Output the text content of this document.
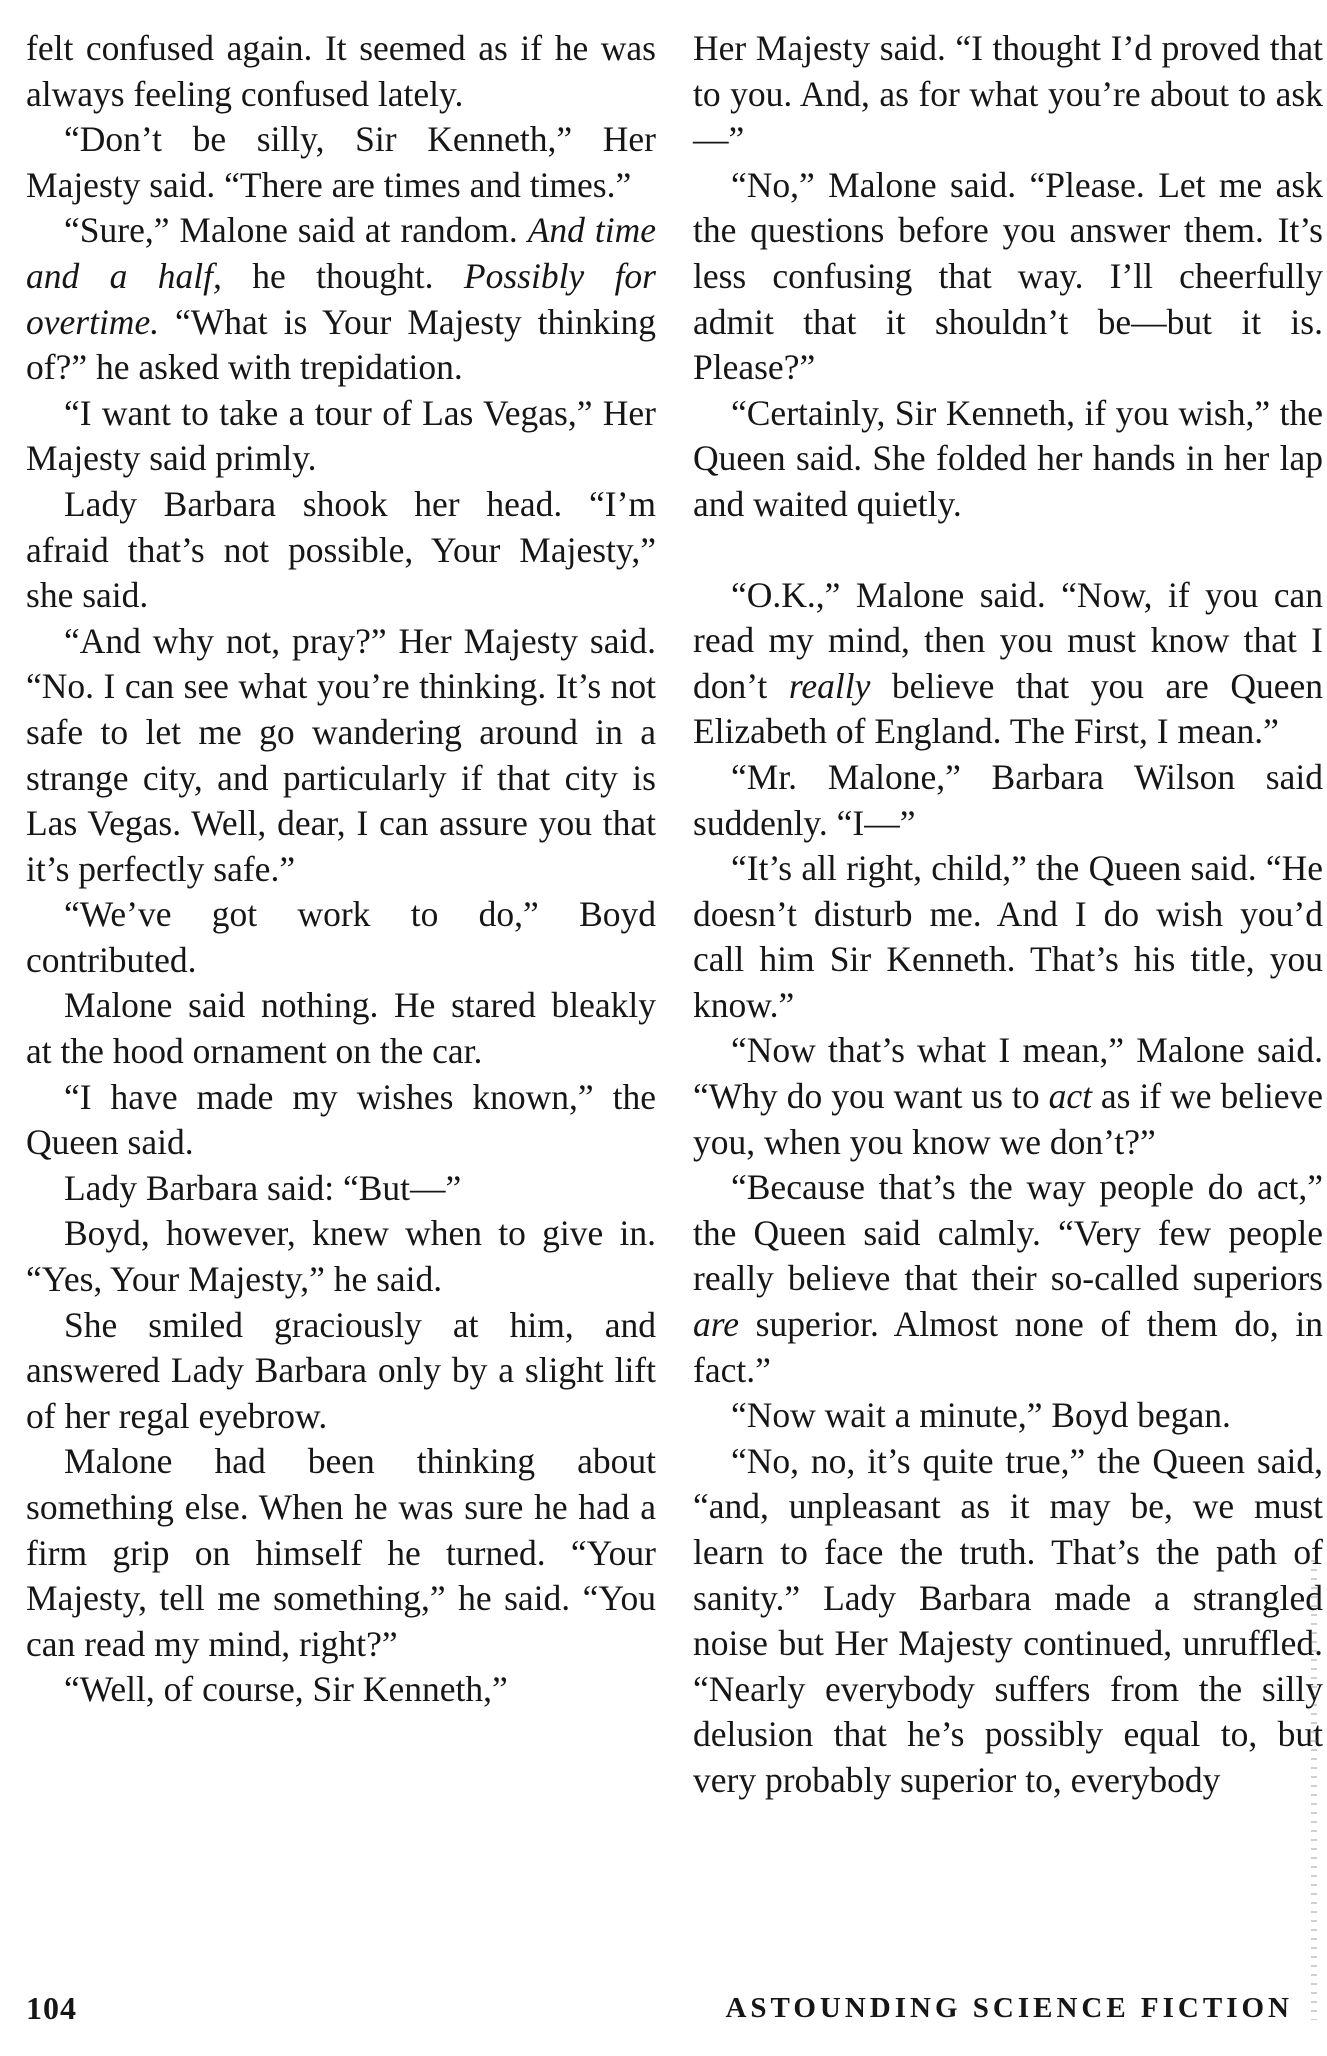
felt confused again. It seemed as if he was always feeling confused lately.

“Don’t be silly, Sir Kenneth,” Her Majesty said. “There are times and times.”

“Sure,” Malone said at random. And time and a half, he thought. Possibly for overtime. “What is Your Majesty thinking of?” he asked with trepidation.

“I want to take a tour of Las Vegas,” Her Majesty said primly.

Lady Barbara shook her head. “I’m afraid that’s not possible, Your Majesty,” she said.

“And why not, pray?” Her Majesty said. “No. I can see what you’re thinking. It’s not safe to let me go wandering around in a strange city, and particularly if that city is Las Vegas. Well, dear, I can assure you that it’s perfectly safe.”

“We’ve got work to do,” Boyd contributed.

Malone said nothing. He stared bleakly at the hood ornament on the car.

“I have made my wishes known,” the Queen said.

Lady Barbara said: “But—”

Boyd, however, knew when to give in. “Yes, Your Majesty,” he said.

She smiled graciously at him, and answered Lady Barbara only by a slight lift of her regal eyebrow.

Malone had been thinking about something else. When he was sure he had a firm grip on himself he turned. “Your Majesty, tell me something,” he said. “You can read my mind, right?”

“Well, of course, Sir Kenneth,”

Her Majesty said. “I thought I’d proved that to you. And, as for what you’re about to ask—”

“No,” Malone said. “Please. Let me ask the questions before you answer them. It’s less confusing that way. I’ll cheerfully admit that it shouldn’t be—but it is. Please?”

“Certainly, Sir Kenneth, if you wish,” the Queen said. She folded her hands in her lap and waited quietly.

“O.K.,” Malone said. “Now, if you can read my mind, then you must know that I don’t really believe that you are Queen Elizabeth of England. The First, I mean.”

“Mr. Malone,” Barbara Wilson said suddenly. “I—”

“It’s all right, child,” the Queen said. “He doesn’t disturb me. And I do wish you’d call him Sir Kenneth. That’s his title, you know.”

“Now that’s what I mean,” Malone said. “Why do you want us to act as if we believe you, when you know we don’t?”

“Because that’s the way people do act,” the Queen said calmly. “Very few people really believe that their so-called superiors are superior. Almost none of them do, in fact.”

“Now wait a minute,” Boyd began.

“No, no, it’s quite true,” the Queen said, “and, unpleasant as it may be, we must learn to face the truth. That’s the path of sanity.” Lady Barbara made a strangled noise but Her Majesty continued, unruffled. “Nearly everybody suffers from the silly delusion that he’s possibly equal to, but very probably superior to, everybody

104	ASTOUNDING SCIENCE FICTION
